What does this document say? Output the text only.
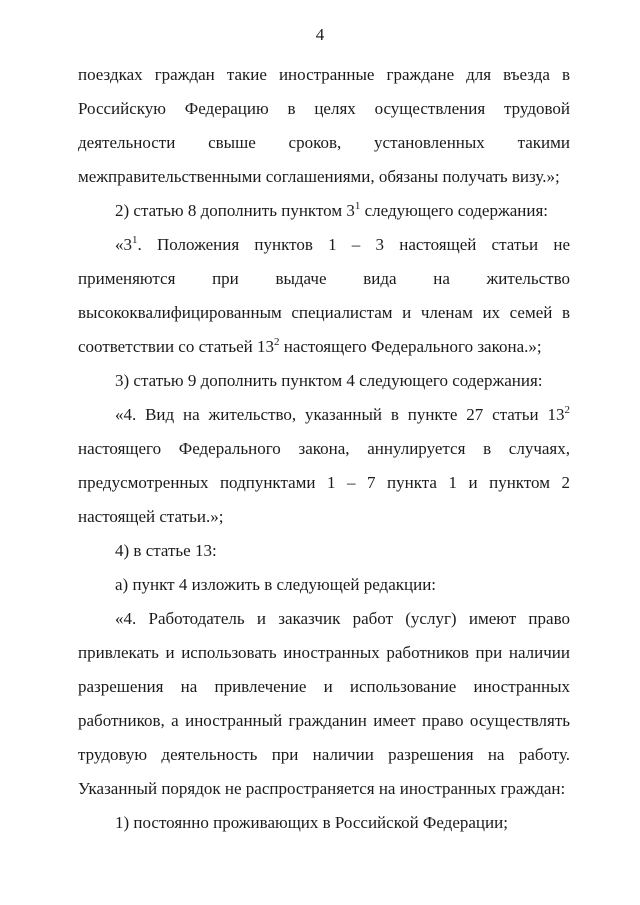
4

поездках граждан такие иностранные граждане для въезда в Российскую Федерацию в целях осуществления трудовой деятельности свыше сроков, установленных такими межправительственными соглашениями, обязаны получать визу.»;

2) статью 8 дополнить пунктом $3^1$ следующего содержания:

«$3^1$. Положения пунктов 1 – 3 настоящей статьи не применяются при выдаче вида на жительство высококвалифицированным специалистам и членам их семей в соответствии со статьей $13^2$ настоящего Федерального закона.»;

3) статью 9 дополнить пунктом 4 следующего содержания:

«4. Вид на жительство, указанный в пункте 27 статьи $13^2$ настоящего Федерального закона, аннулируется в случаях, предусмотренных подпунктами 1 – 7 пункта 1 и пунктом 2 настоящей статьи.»;

4) в статье 13:

а) пункт 4 изложить в следующей редакции:

«4. Работодатель и заказчик работ (услуг) имеют право привлекать и использовать иностранных работников при наличии разрешения на привлечение и использование иностранных работников, а иностранный гражданин имеет право осуществлять трудовую деятельность при наличии разрешения на работу. Указанный порядок не распространяется на иностранных граждан:

1) постоянно проживающих в Российской Федерации;
